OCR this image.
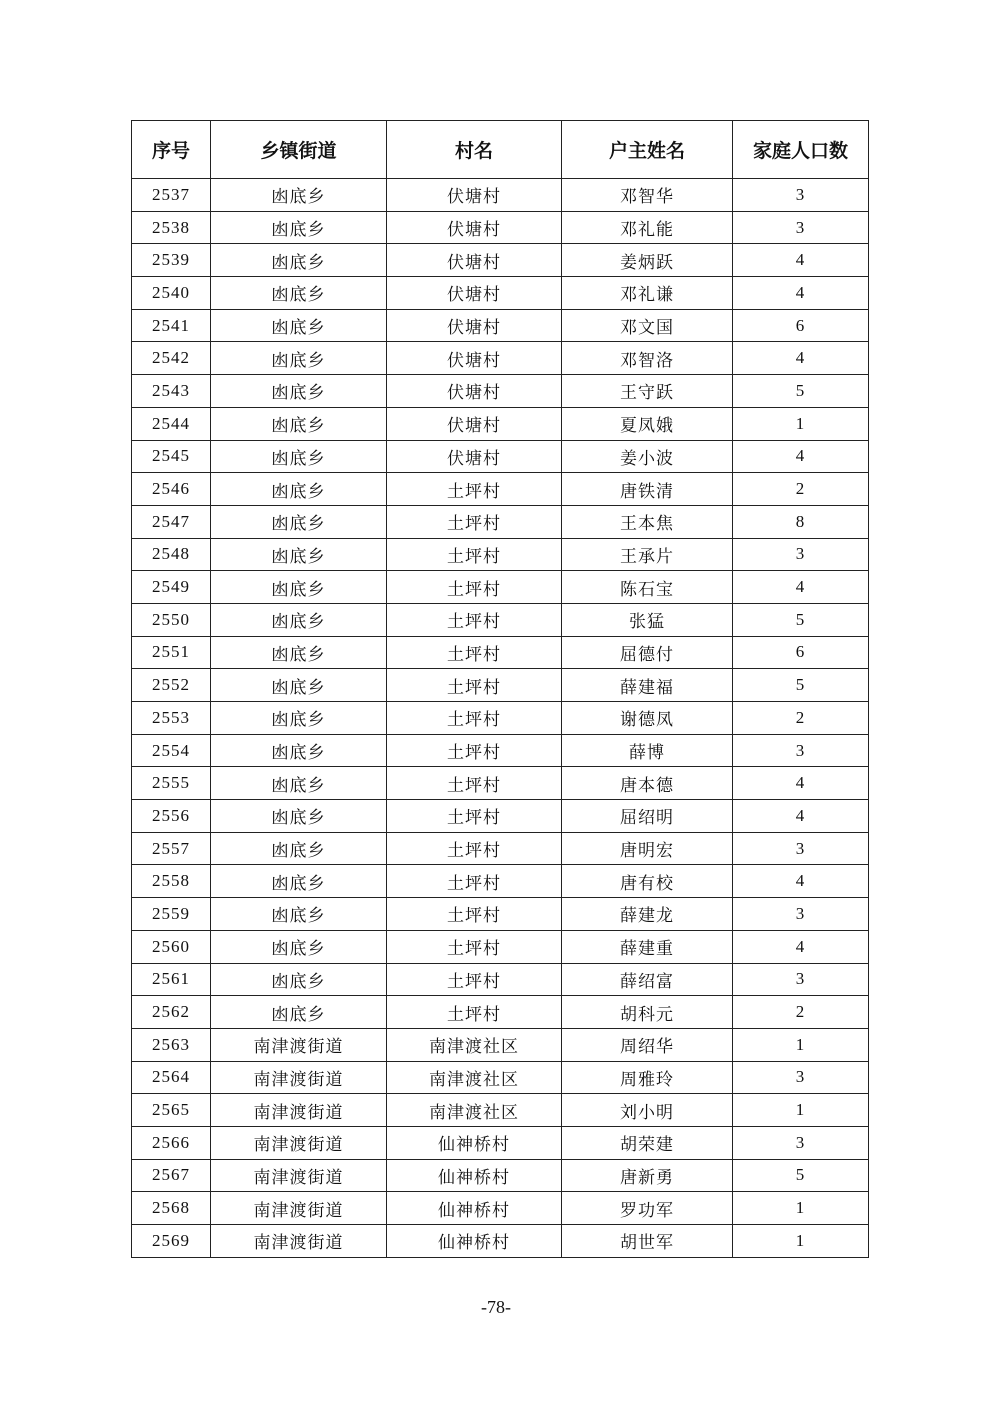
序号	乡镇街道	村名	户主姓名	家庭人口数
2537	凼底乡	伏塘村	邓智华	3
2538	凼底乡	伏塘村	邓礼能	3
2539	凼底乡	伏塘村	姜炳跃	4
2540	凼底乡	伏塘村	邓礼谦	4
2541	凼底乡	伏塘村	邓文国	6
2542	凼底乡	伏塘村	邓智洛	4
2543	凼底乡	伏塘村	王守跃	5
2544	凼底乡	伏塘村	夏凤娥	1
2545	凼底乡	伏塘村	姜小波	4
2546	凼底乡	土坪村	唐铁清	2
2547	凼底乡	土坪村	王本焦	8
2548	凼底乡	土坪村	王承片	3
2549	凼底乡	土坪村	陈石宝	4
2550	凼底乡	土坪村	张猛	5
2551	凼底乡	土坪村	屈德付	6
2552	凼底乡	土坪村	薛建福	5
2553	凼底乡	土坪村	谢德凤	2
2554	凼底乡	土坪村	薛博	3
2555	凼底乡	土坪村	唐本德	4
2556	凼底乡	土坪村	屈绍明	4
2557	凼底乡	土坪村	唐明宏	3
2558	凼底乡	土坪村	唐有校	4
2559	凼底乡	土坪村	薛建龙	3
2560	凼底乡	土坪村	薛建重	4
2561	凼底乡	土坪村	薛绍富	3
2562	凼底乡	土坪村	胡科元	2
2563	南津渡街道	南津渡社区	周绍华	1
2564	南津渡街道	南津渡社区	周雅玲	3
2565	南津渡街道	南津渡社区	刘小明	1
2566	南津渡街道	仙神桥村	胡荣建	3
2567	南津渡街道	仙神桥村	唐新勇	5
2568	南津渡街道	仙神桥村	罗功军	1
2569	南津渡街道	仙神桥村	胡世军	1
-78-
